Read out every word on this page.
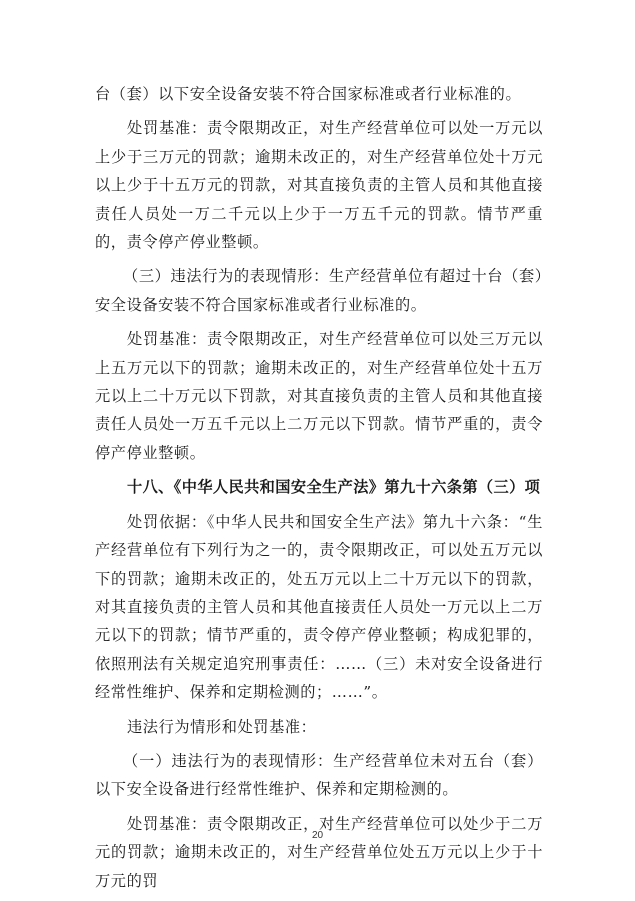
台（套）以下安全设备安装不符合国家标准或者行业标准的。

处罚基准：责令限期改正，对生产经营单位可以处一万元以上少于三万元的罚款；逾期未改正的，对生产经营单位处十万元以上少于十五万元的罚款，对其直接负责的主管人员和其他直接责任人员处一万二千元以上少于一万五千元的罚款。情节严重的，责令停产停业整顿。

（三）违法行为的表现情形：生产经营单位有超过十台（套）安全设备安装不符合国家标准或者行业标准的。

处罚基准：责令限期改正，对生产经营单位可以处三万元以上五万元以下的罚款；逾期未改正的，对生产经营单位处十五万元以上二十万元以下罚款，对其直接负责的主管人员和其他直接责任人员处一万五千元以上二万元以下罚款。情节严重的，责令停产停业整顿。

十八、《中华人民共和国安全生产法》第九十六条第（三）项

处罚依据：《中华人民共和国安全生产法》第九十六条：“生产经营单位有下列行为之一的，责令限期改正，可以处五万元以下的罚款；逾期未改正的，处五万元以上二十万元以下的罚款，对其直接负责的主管人员和其他直接责任人员处一万元以上二万元以下的罚款；情节严重的，责令停产停业整顿；构成犯罪的，依照刑法有关规定追究刑事责任：……（三）未对安全设备进行经常性维护、保养和定期检测的；……”。

违法行为情形和处罚基准：

（一）违法行为的表现情形：生产经营单位未对五台（套）以下安全设备进行经常性维护、保养和定期检测的。

处罚基准：责令限期改正，对生产经营单位可以处少于二万元的罚款；逾期未改正的，对生产经营单位处五万元以上少于十万元的罚

20
